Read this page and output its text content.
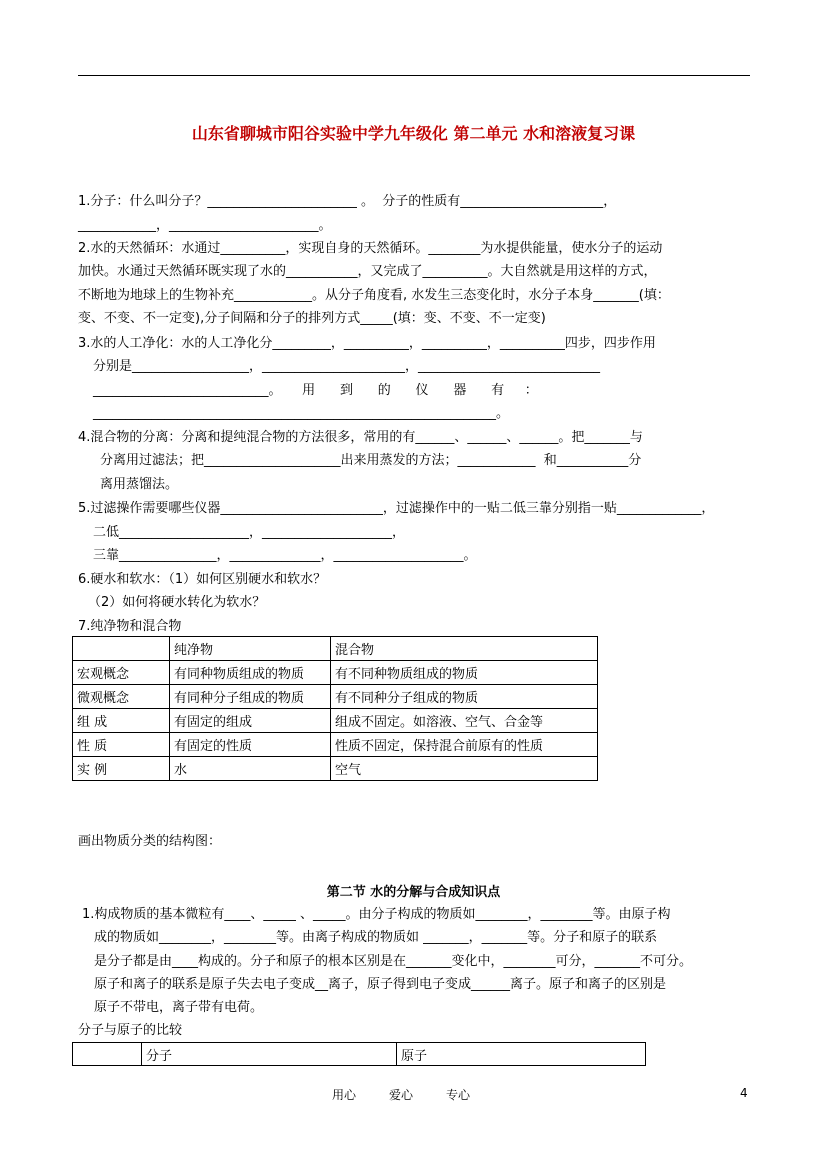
山东省聊城市阳谷实验中学九年级化 第二单元 水和溶液复习课
1.分子：什么叫分子？_______________________ 。  分子的性质有______________________，
____________，_______________________。
2.水的天然循环：水通过__________，实现自身的天然循环。________为水提供能量，使水分子的运动
加快。水通过天然循环既实现了水的___________，又完成了__________。大自然就是用这样的方式，
不断地为地球上的生物补充____________。从分子角度看, 水发生三态变化时，水分子本身_______(填：
变、不变、不一定变),分子间隔和分子的排列方式_____(填：变、不变、不一定变)
3.水的人工净化：水的人工净化分_________，__________，__________，__________四步，四步作用
分别是__________________，______________________，____________________________
___________________________。     用      到      的      仪      器      有     ：
______________________________________________________________。
4.混合物的分离：分离和提纯混合物的方法很多，常用的有______、______、______。把_______与
分离用过滤法；把_____________________出来用蒸发的方法；____________  和___________分
离用蒸馏法。
5.过滤操作需要哪些仪器_________________________，过滤操作中的一贴二低三靠分别指一贴_____________，
二低____________________，____________________，
三靠_______________，______________，____________________。
6.硬水和软水：（1）如何区别硬水和软水？
（2）如何将硬水转化为软水？
7.纯净物和混合物
	纯净物	混合物
宏观概念	有同种物质组成的物质	有不同种物质组成的物质
微观概念	有同种分子组成的物质	有不同种分子组成的物质
组 成	有固定的组成	组成不固定。如溶液、空气、合金等
性 质	有固定的性质	性质不固定，保持混合前原有的性质
实 例	水	空气
画出物质分类的结构图：
第二节 水的分解与合成知识点
1.构成物质的基本微粒有____、_____ 、_____。由分子构成的物质如________，________等。由原子构
成的物质如________，________等。由离子构成的物质如 _______，_______等。分子和原子的联系
是分子都是由____构成的。分子和原子的根本区别是在_______变化中，________可分，_______不可分。
原子和离子的联系是原子失去电子变成__离子，原子得到电子变成______离子。原子和离子的区别是
原子不带电，离子带有电荷。
分子与原子的比较
	分子	原子
用心	爱心	专心	4
